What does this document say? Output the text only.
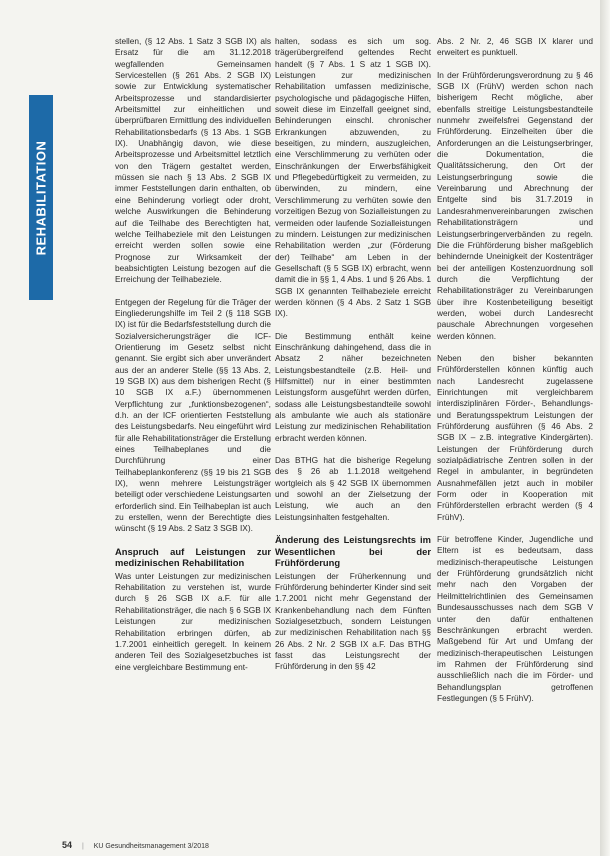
REHABILITATION

stellen, (§ 12 Abs. 1 Satz 3 SGB IX) als Ersatz für die am 31.12.2018 wegfallenden Gemeinsamen Servicestellen (§ 261 Abs. 2 SGB IX) sowie zur Entwicklung systematischer Arbeitsprozesse und standardisierter Arbeitsmittel zur einheitlichen und überprüfbaren Ermittlung des individuellen Rehabilitationsbedarfs (§ 13 Abs. 1 SGB IX). Unabhängig davon, wie diese Arbeitsprozesse und Arbeitsmittel letztlich von den Trägern gestaltet werden, müssen sie nach § 13 Abs. 2 SGB IX immer Feststellungen darin enthalten, ob eine Behinderung vorliegt oder droht, welche Auswirkungen die Behinderung auf die Teilhabe des Berechtigten hat, welche Teilhabeziele mit den Leistungen erreicht werden sollen sowie eine Prognose zur Wirksamkeit der beabsichtigten Leistung bezogen auf die Erreichung der Teilhabeziele.

Entgegen der Regelung für die Träger der Eingliederungshilfe im Teil 2 (§ 118 SGB IX) ist für die Bedarfsfeststellung durch die Sozialversicherungsträger die ICF-Orientierung im Gesetz selbst nicht genannt. Sie ergibt sich aber unverändert aus der an anderer Stelle (§§ 13 Abs. 2, 19 SGB IX) aus dem bisherigen Recht (§ 10 SGB IX a.F.) übernommenen Verpflichtung zur „funktionsbezogenen“, d.h. an der ICF orientierten Feststellung des Leistungsbedarfs. Neu eingeführt wird für alle Rehabilitationsträger die Erstellung eines Teilhabeplanes und die Durchführung einer Teilhabeplankonferenz (§§ 19 bis 21 SGB IX), wenn mehrere Leistungsträger beteiligt oder verschiedene Leistungsarten erforderlich sind. Ein Teilhabeplan ist auch zu erstellen, wenn der Berechtigte dies wünscht (§ 19 Abs. 2 Satz 3 SGB IX).

Anspruch auf Leistungen zur medizinischen Rehabilitation

Was unter Leistungen zur medizinischen Rehabilitation zu verstehen ist, wurde durch § 26 SGB IX a.F. für alle Rehabilitationsträger, die nach § 6 SGB IX Leistungen zur medizinischen Rehabilitation erbringen dürfen, ab 1.7.2001 einheitlich geregelt. In keinem anderen Teil des Sozialgesetzbuches ist eine vergleichbare Bestimmung ent-

halten, sodass es sich um sog. trägerübergreifend geltendes Recht handelt (§ 7 Abs. 1 S atz 1 SGB IX). Leistungen zur medizinischen Rehabilitation umfassen medizinische, psychologische und pädagogische Hilfen, soweit diese im Einzelfall geeignet sind, Behinderungen einschl. chronischer Erkrankungen abzuwenden, zu beseitigen, zu mindern, auszugleichen, eine Verschlimmerung zu verhüten oder Einschränkungen der Erwerbsfähigkeit und Pflegebedürftigkeit zu vermeiden, zu überwinden, zu mindern, eine Verschlimmerung zu verhüten sowie den vorzeitigen Bezug von Sozialleistungen zu vermeiden oder laufende Sozialleistungen zu mindern. Leistungen zur medizinischen Rehabilitation werden „zur (Förderung der) Teilhabe“ am Leben in der Gesellschaft (§ 5 SGB IX) erbracht, wenn damit die in §§ 1, 4 Abs. 1 und § 26 Abs. 1 SGB IX genannten Teilhabeziele erreicht werden können (§ 4 Abs. 2 Satz 1 SGB IX).

Die Bestimmung enthält keine Einschränkung dahingehend, dass die in Absatz 2 näher bezeichneten Leistungsbestandteile (z.B. Heil- und Hilfsmittel) nur in einer bestimmten Leistungsform ausgeführt werden dürfen, sodass alle Leistungsbestandteile sowohl als ambulante wie auch als stationäre Leistung zur medizinischen Rehabilitation erbracht werden können.

Das BTHG hat die bisherige Regelung des § 26 ab 1.1.2018 weitgehend wortgleich als § 42 SGB IX übernommen und sowohl an der Zielsetzung der Leistung, wie auch an den Leistungsinhalten festgehalten.

Änderung des Leistungsrechts im Wesentlichen bei der Frühförderung

Leistungen der Früherkennung und Frühförderung behinderter Kinder sind seit 1.7.2001 nicht mehr Gegenstand der Krankenbehandlung nach dem Fünften Sozialgesetzbuch, sondern Leistungen zur medizinischen Rehabilitation nach §§ 26 Abs. 2 Nr. 2 SGB IX a.F. Das BTHG fasst das Leistungsrecht der Frühförderung in den §§ 42

Abs. 2 Nr. 2, 46 SGB IX klarer und erweitert es punktuell.

In der Frühförderungsverordnung zu § 46 SGB IX (FrühV) werden schon nach bisherigem Recht mögliche, aber ebenfalls streitige Leistungsbestandteile nunmehr zweifelsfrei Gegenstand der Frühförderung. Einzelheiten über die Anforderungen an die Leistungserbringer, die Dokumentation, die Qualitätssicherung, den Ort der Leistungserbringung sowie die Vereinbarung und Abrechnung der Entgelte sind bis 31.7.2019 in Landesrahmenvereinbarungen zwischen Rehabilitationsträgern und Leistungserbringerverbänden zu regeln. Die die Frühförderung bisher maßgeblich behindernde Uneinigkeit der Kostenträger bei der anteiligen Kostenzuordnung soll durch die Verpflichtung der Rehabilitationsträger zu Vereinbarungen über ihre Kostenbeteiligung beseitigt werden, wobei durch Landesrecht pauschale Abrechnungen vorgesehen werden können.

Neben den bisher bekannten Frühförderstellen können künftig auch nach Landesrecht zugelassene Einrichtungen mit vergleichbarem interdisziplinären Förder-, Behandlungs- und Beratungsspektrum Leistungen der Frühförderung ausführen (§ 46 Abs. 2 SGB IX – z.B. integrative Kindergärten). Leistungen der Frühförderung durch sozialpädiatrische Zentren sollen in der Regel in ambulanter, in begründeten Ausnahmefällen jetzt auch in mobiler Form oder in Kooperation mit Frühförderstellen erbracht werden (§ 4 FrühV).

Für betroffene Kinder, Jugendliche und Eltern ist es bedeutsam, dass medizinisch-therapeutische Leistungen der Frühförderung grundsätzlich nicht mehr nach den Vorgaben der Heilmittelrichtlinien des Gemeinsamen Bundesausschusses nach dem SGB V unter den dafür enthaltenen Beschränkungen erbracht werden. Maßgebend für Art und Umfang der medizinisch-therapeutischen Leistungen im Rahmen der Frühförderung sind ausschließlich nach die im Förder- und Behandlungsplan getroffenen Festlegungen (§ 5 FrühV).

54 | KU Gesundheitsmanagement 3/2018
